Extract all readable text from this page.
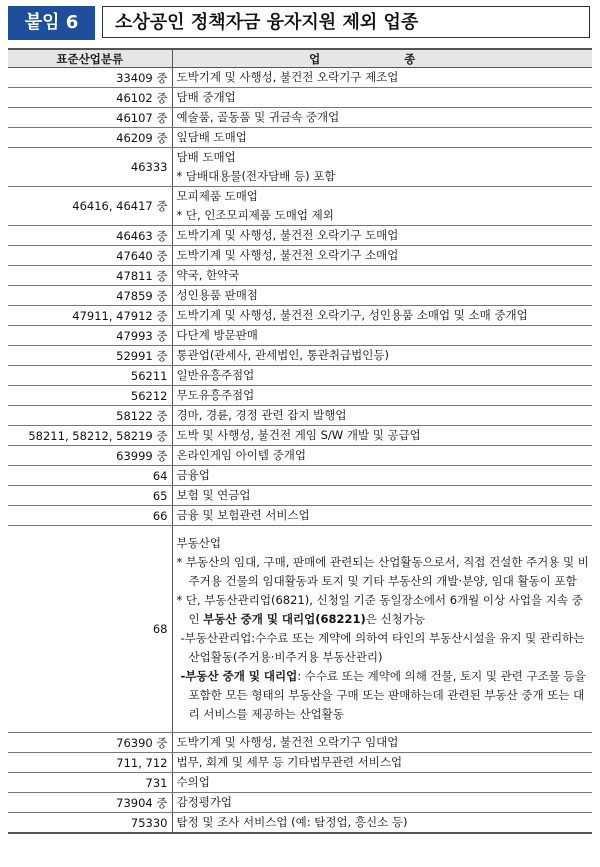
붙임 6	소상공인 정책자금 융자지원 제외 업종
표준산업분류	업 종
33409 중	도박기계 및 사행성, 불건전 오락기구 제조업

46102 중	담배 중개업

46107 중	예술품, 골동품 및 귀금속 중개업

46209 중	잎담배 도매업

46333	담배 도매업
* 담배대용물(전자담배 등) 포함

46416, 46417 중	모피제품 도매업
* 단, 인조모피제품 도매업 제외

46463 중	도박기계 및 사행성, 불건전 오락기구 도매업

47640 중	도박기계 및 사행성, 불건전 오락기구 소매업

47811 중	약국, 한약국

47859 중	성인용품 판매점

47911, 47912 중	도박기계 및 사행성, 불건전 오락기구, 성인용품 소매업 및 소매 중개업

47993 중	다단계 방문판매

52991 중	통관업(관세사, 관세법인, 통관취급법인등)

56211	일반유흥주점업

56212	무도유흥주점업

58122 중	경마, 경륜, 경정 관련 잡지 발행업

58211, 58212, 58219 중	도박 및 사행성, 불건전 게임 S/W 개발 및 공급업

63999 중	온라인게임 아이템 중개업

64	금융업

65	보험 및 연금업

66	금융 및 보험관련 서비스업

68	부동산업
* 부동산의 임대, 구매, 판매에 관련되는 산업활동으로서, 직접 건설한 주거용 및 비주거용 건물의 임대활동과 토지 및 기타 부동산의 개발·분양, 임대 활동이 포함
* 단, 부동산관리업(6821), 신청일 기준 동일장소에서 6개월 이상 사업을 지속 중인 부동산 중개 및 대리업(68221)은 신청가능
-부동산관리업:수수료 또는 계약에 의하여 타인의 부동산시설을 유지 및 관리하는 산업활동(주거용·비주거용 부동산관리)
-부동산 중개 및 대리업: 수수료 또는 계약에 의해 건물, 토지 및 관련 구조물 등을 포함한 모든 형태의 부동산을 구매 또는 판매하는데 관련된 부동산 중개 또는 대리 서비스를 제공하는 산업활동

76390 중	도박기계 및 사행성, 불건전 오락기구 임대업

711, 712	법무, 회계 및 세무 등 기타법무관련 서비스업

731	수의업

73904 중	감정평가업

75330	탐정 및 조사 서비스업 (예: 탐정업, 흥신소 등)
